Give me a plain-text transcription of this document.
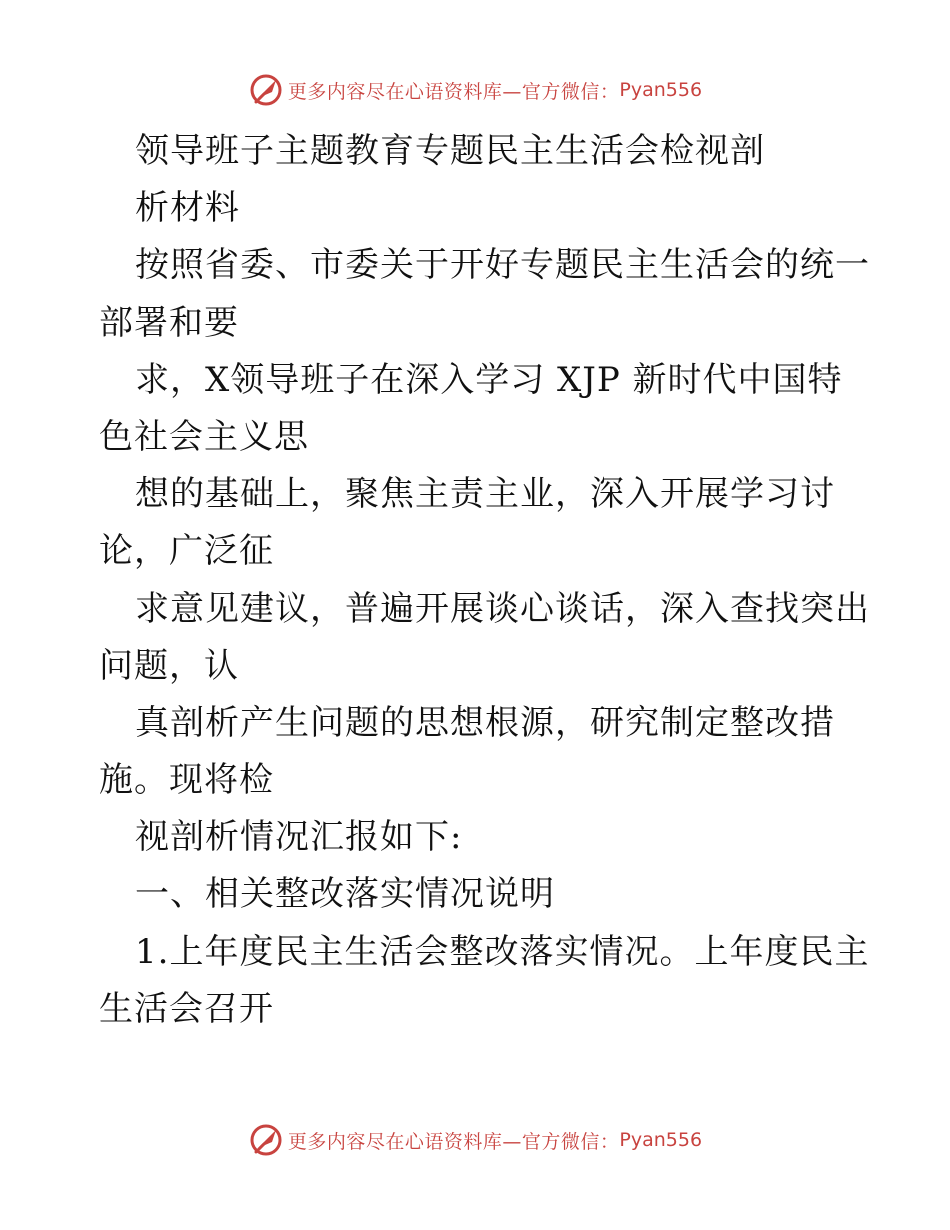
更多内容尽在心语资料库—官方微信： Pyan556
领导班子主题教育专题民主生活会检视剖
析材料
按照省委、市委关于开好专题民主生活会的统一
部署和要
求，X领导班子在深入学习 XJP 新时代中国特
色社会主义思
想的基础上，聚焦主责主业，深入开展学习讨
论，广泛征
求意见建议，普遍开展谈心谈话，深入查找突出
问题，认
真剖析产生问题的思想根源，研究制定整改措
施。现将检
视剖析情况汇报如下:
一、相关整改落实情况说明
1.上年度民主生活会整改落实情况。上年度民主
生活会召开
更多内容尽在心语资料库—官方微信： Pyan556
